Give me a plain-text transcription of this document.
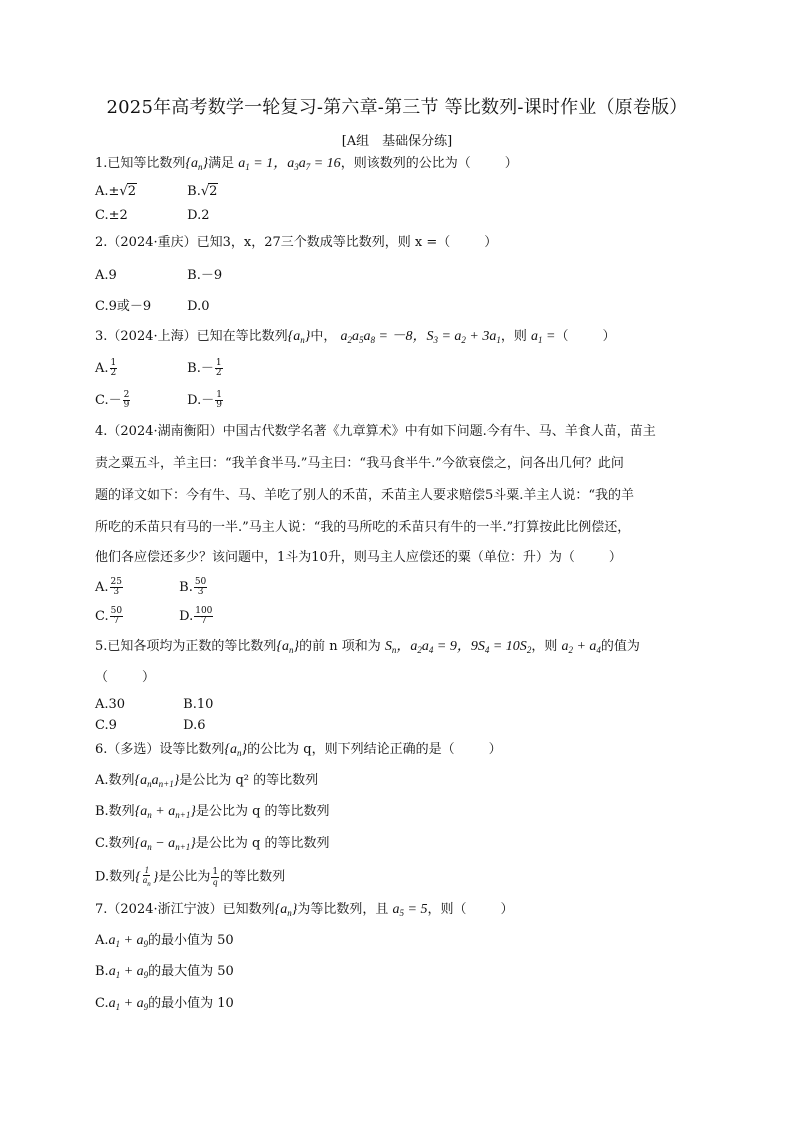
2025年高考数学一轮复习-第六章-第三节 等比数列-课时作业（原卷版）
[A组　基础保分练]
1.已知等比数列$\{a_n\}$满足 $a_1 = 1$，$a_3a_7 = 16$，则该数列的公比为（	）
A.±√2	B.√2
C.±2	D.2
2.（2024·重庆）已知3，x，27三个数成等比数列，则 x =（	）
A.9	B.－9
C.9或－9	D.0
3.（2024·上海）已知在等比数列$\{a_n\}$中， $a_2a_5a_8 = -8$，$S_3 = a_2 + 3a_1$，则 $a_1$ =（	）
A. $\frac{1}{2}$	$B.- \frac{1}{2}$
$C.- \frac{2}{9}$	$D.- \frac{1}{9}$
4.（2024·湖南衡阳）中国古代数学名著《九章算术》中有如下问题.今有牛、马、羊食人苗，苗主
责之粟五斗，羊主曰：“我羊食半马.”马主曰：“我马食半牛.”今欲衰偿之，问各出几何？此问
题的译文如下：今有牛、马、羊吃了别人的禾苗，禾苗主人要求赔偿5斗粟.羊主人说：“我的羊
所吃的禾苗只有马的一半.”马主人说：“我的马所吃的禾苗只有牛的一半.”打算按此比例偿还，
他们各应偿还多少？该问题中，1斗为10升，则马主人应偿还的粟（单位：升）为（	）
A. $\frac{25}{3}$	B. $\frac{50}{3}$
C. $\frac{50}{7}$	D. $\frac{100}{7}$
5.已知各项均为正数的等比数列$\{a_n\}$的前 n 项和为 $S_n$，$a_2a_4 = 9$，$9S_4 = 10S_2$，则 $a_2 + a_4$的值为
（	）
A.30	B.10
C.9	D.6
6.（多选）设等比数列$\{a_n\}$的公比为 q，则下列结论正确的是（	）
A.数列$\{a_na_{n+1}\}$是公比为 q² 的等比数列
B.数列$\{a_n + a_{n+1}\}$是公比为 q 的等比数列
C.数列$\{a_n - a_{n+1}\}$是公比为 q 的等比数列
D.数列{ $\frac{1}{a_n}$ }是公比为 $\frac{1}{q}$ 的等比数列
7.（2024·浙江宁波）已知数列$\{a_n\}$为等比数列，且 $a_5 = 5$，则（	）
$A.a_1 + a_9$的最小值为 50
$B.a_1 + a_9$的最大值为 50
$C.a_1 + a_9$的最小值为 10
